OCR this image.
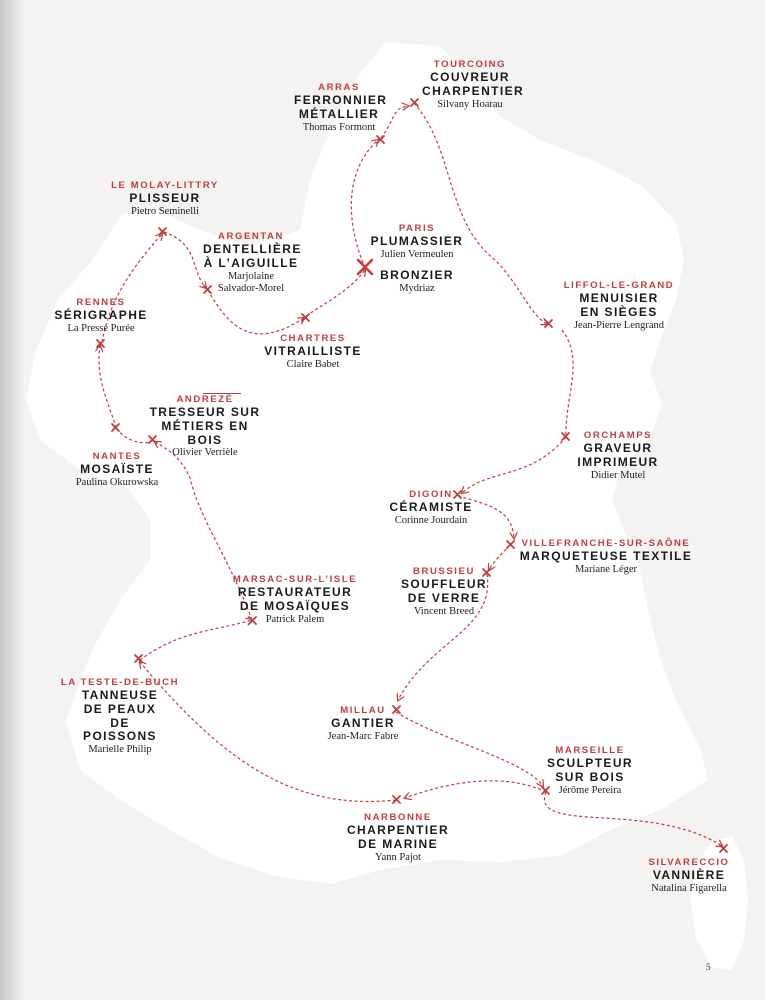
TOURCOING
COUVREUR CHARPENTIER
Silvany Hoarau
ARRAS
FERRONNIER MÉTALLIER
Thomas Formont
LE MOLAY-LITTRY
PLISSEUR
Pietro Seminelli
ARGENTAN
DENTELLIÈRE À L’AIGUILLE
Marjolaine Salvador-Morel
PARIS
PLUMASSIER
Julien Vermeulen
BRONZIER
Mydriaz
RENNES
SÉRIGRAPHE
La Presse Purée
CHARTRES
VITRAILLISTE
Claire Babet
LIFFOL-LE-GRAND
MENUISIER EN SIÈGES
Jean-Pierre Lengrand
ANDREZÉ
TRESSEUR SUR MÉTIERS EN BOIS
Olivier Verrièle
NANTES
MOSAÏSTE
Paulina Okurowska
ORCHAMPS
GRAVEUR IMPRIMEUR
Didier Mutel
DIGOIN
CÉRAMISTE
Corinne Jourdain
VILLEFRANCHE-SUR-SAÔNE
MARQUETEUSE TEXTILE
Mariane Léger
BRUSSIEU
SOUFFLEUR DE VERRE
Vincent Breed
MARSAC-SUR-L’ISLE
RESTAURATEUR DE MOSAÏQUES
Patrick Palem
LA TESTE-DE-BUCH
TANNEUSE DE PEAUX DE POISSONS
Marielle Philip
MILLAU
GANTIER
Jean-Marc Fabre
MARSEILLE
SCULPTEUR SUR BOIS
Jérôme Pereira
NARBONNE
CHARPENTIER DE MARINE
Yann Pajot	SILVARECCIO
VANNIÈRE
Natalina Figarella
5
